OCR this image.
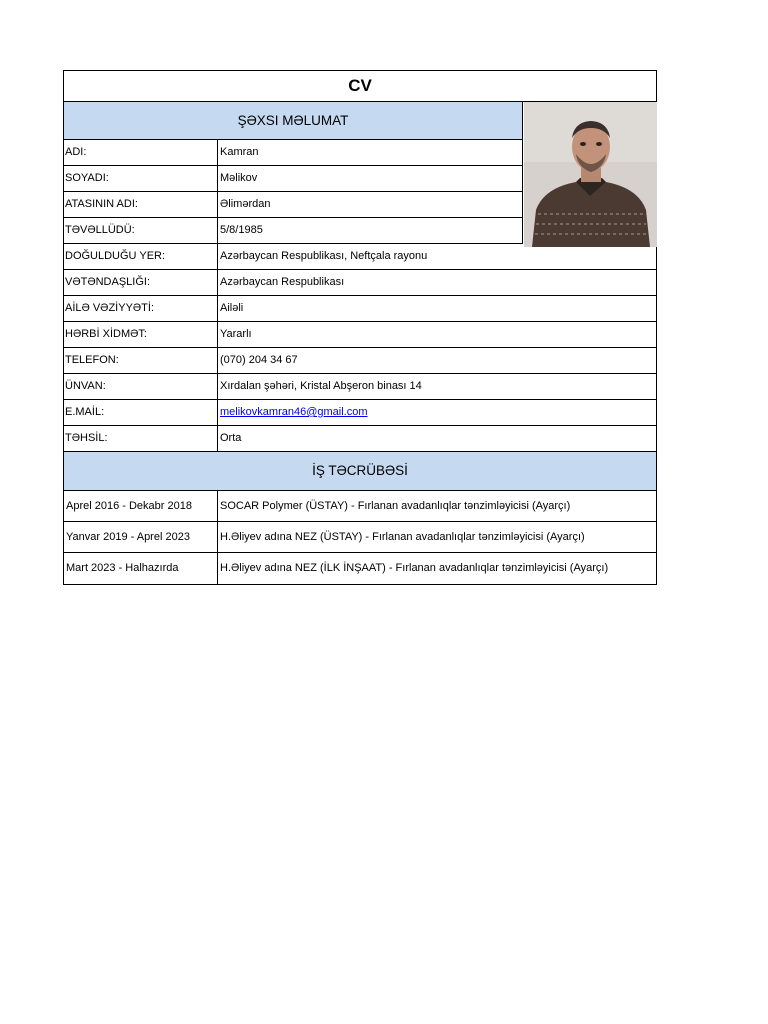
CV
ŞƏXSI MƏLUMAT
ADI:	Kamran
SOYADI:	Məlikov
ATASININ ADI:	Əlimərdan
TƏVƏLLÜDÜ:	5/8/1985
DOĞULDUĞU YER:	Azərbaycan Respublikası, Neftçala rayonu
VƏTƏNDAŞLIĞI:	Azərbaycan Respublikası
AİLƏ VƏZİYYƏTİ:	Ailəli
HƏRBİ XİDMƏT:	Yararlı
TELEFON:	(070) 204 34 67
ÜNVAN:	Xırdalan şəhəri, Kristal Abşeron binası 14
E.MAİL:	melikovkamran46@gmail.com
TƏHSİL:	Orta
İŞ TƏCRÜBƏSİ
Aprel 2016 - Dekabr 2018	SOCAR Polymer (ÜSTAY) - Fırlanan avadanlıqlar tənzimləyicisi (Ayarçı)
Yanvar 2019 - Aprel 2023	H.Əliyev adına NEZ (ÜSTAY) - Fırlanan avadanlıqlar tənzimləyicisi (Ayarçı)
Mart 2023 - Halhazırda	H.Əliyev adına NEZ (İLK İNŞAAT) - Fırlanan avadanlıqlar tənzimləyicisi (Ayarçı)
